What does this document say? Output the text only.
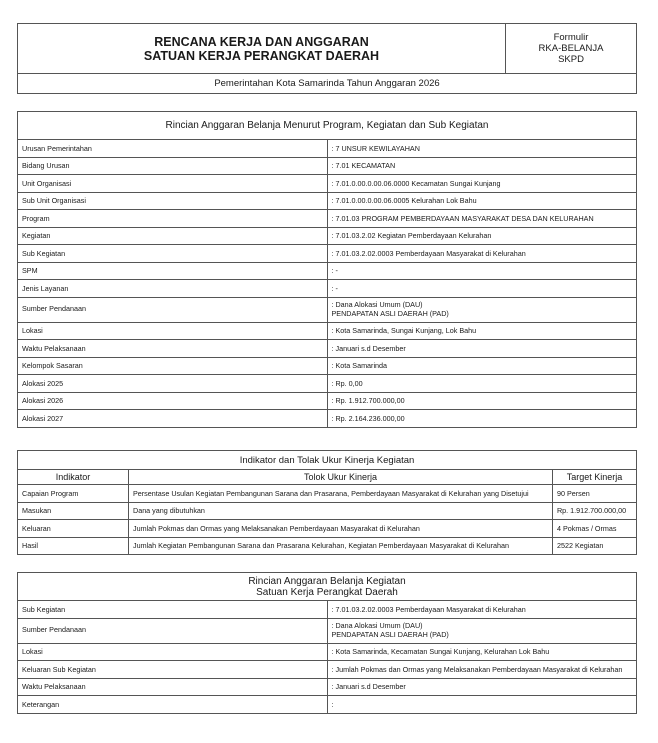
RENCANA KERJA DAN ANGGARAN
SATUAN KERJA PERANGKAT DAERAH

Formulir
RKA-BELANJA
SKPD

Pemerintahan Kota Samarinda Tahun Anggaran 2026
Rincian Anggaran Belanja Menurut Program, Kegiatan dan Sub Kegiatan	
Urusan Pemerintahan	: 7 UNSUR KEWILAYAHAN
Bidang Urusan	: 7.01 KECAMATAN
Unit Organisasi	: 7.01.0.00.0.00.06.0000 Kecamatan Sungai Kunjang
Sub Unit Organisasi	: 7.01.0.00.0.00.06.0005 Kelurahan Lok Bahu
Program	: 7.01.03 PROGRAM PEMBERDAYAAN MASYARAKAT DESA DAN KELURAHAN
Kegiatan	: 7.01.03.2.02 Kegiatan Pemberdayaan Kelurahan
Sub Kegiatan	: 7.01.03.2.02.0003 Pemberdayaan Masyarakat di Kelurahan
SPM	: -
Jenis Layanan	: -
Sumber Pendanaan	: Dana Alokasi Umum (DAU)
PENDAPATAN ASLI DAERAH (PAD)

Lokasi	: Kota Samarinda, Sungai Kunjang, Lok Bahu
Waktu Pelaksanaan	: Januari s.d Desember
Kelompok Sasaran	: Kota Samarinda
Alokasi 2025	: Rp. 0,00
Alokasi 2026	: Rp. 1.912.700.000,00
Alokasi 2027	: Rp. 2.164.236.000,00
Indikator dan Tolak Ukur Kinerja Kegiatan		
Indikator	Tolok Ukur Kinerja	Target Kinerja
Capaian Program	Persentase Usulan Kegiatan Pembangunan Sarana dan Prasarana, Pemberdayaan Masyarakat di Kelurahan yang Disetujui	90 Persen
Masukan	Dana yang dibutuhkan	Rp. 1.912.700.000,00
Keluaran	Jumlah Pokmas dan Ormas yang Melaksanakan Pemberdayaan Masyarakat di Kelurahan	4 Pokmas / Ormas
Hasil	Jumlah Kegiatan Pembangunan Sarana dan Prasarana Kelurahan, Kegiatan Pemberdayaan Masyarakat di Kelurahan	2522 Kegiatan
Rincian Anggaran Belanja Kegiatan
Satuan Kerja Perangkat Daerah	

Sub Kegiatan	: 7.01.03.2.02.0003 Pemberdayaan Masyarakat di Kelurahan
Sumber Pendanaan	: Dana Alokasi Umum (DAU)
PENDAPATAN ASLI DAERAH (PAD)

Lokasi	: Kota Samarinda, Kecamatan Sungai Kunjang, Kelurahan Lok Bahu
Keluaran Sub Kegiatan	: Jumlah Pokmas dan Ormas yang Melaksanakan Pemberdayaan Masyarakat di Kelurahan
Waktu Pelaksanaan	: Januari s.d Desember
Keterangan	:
